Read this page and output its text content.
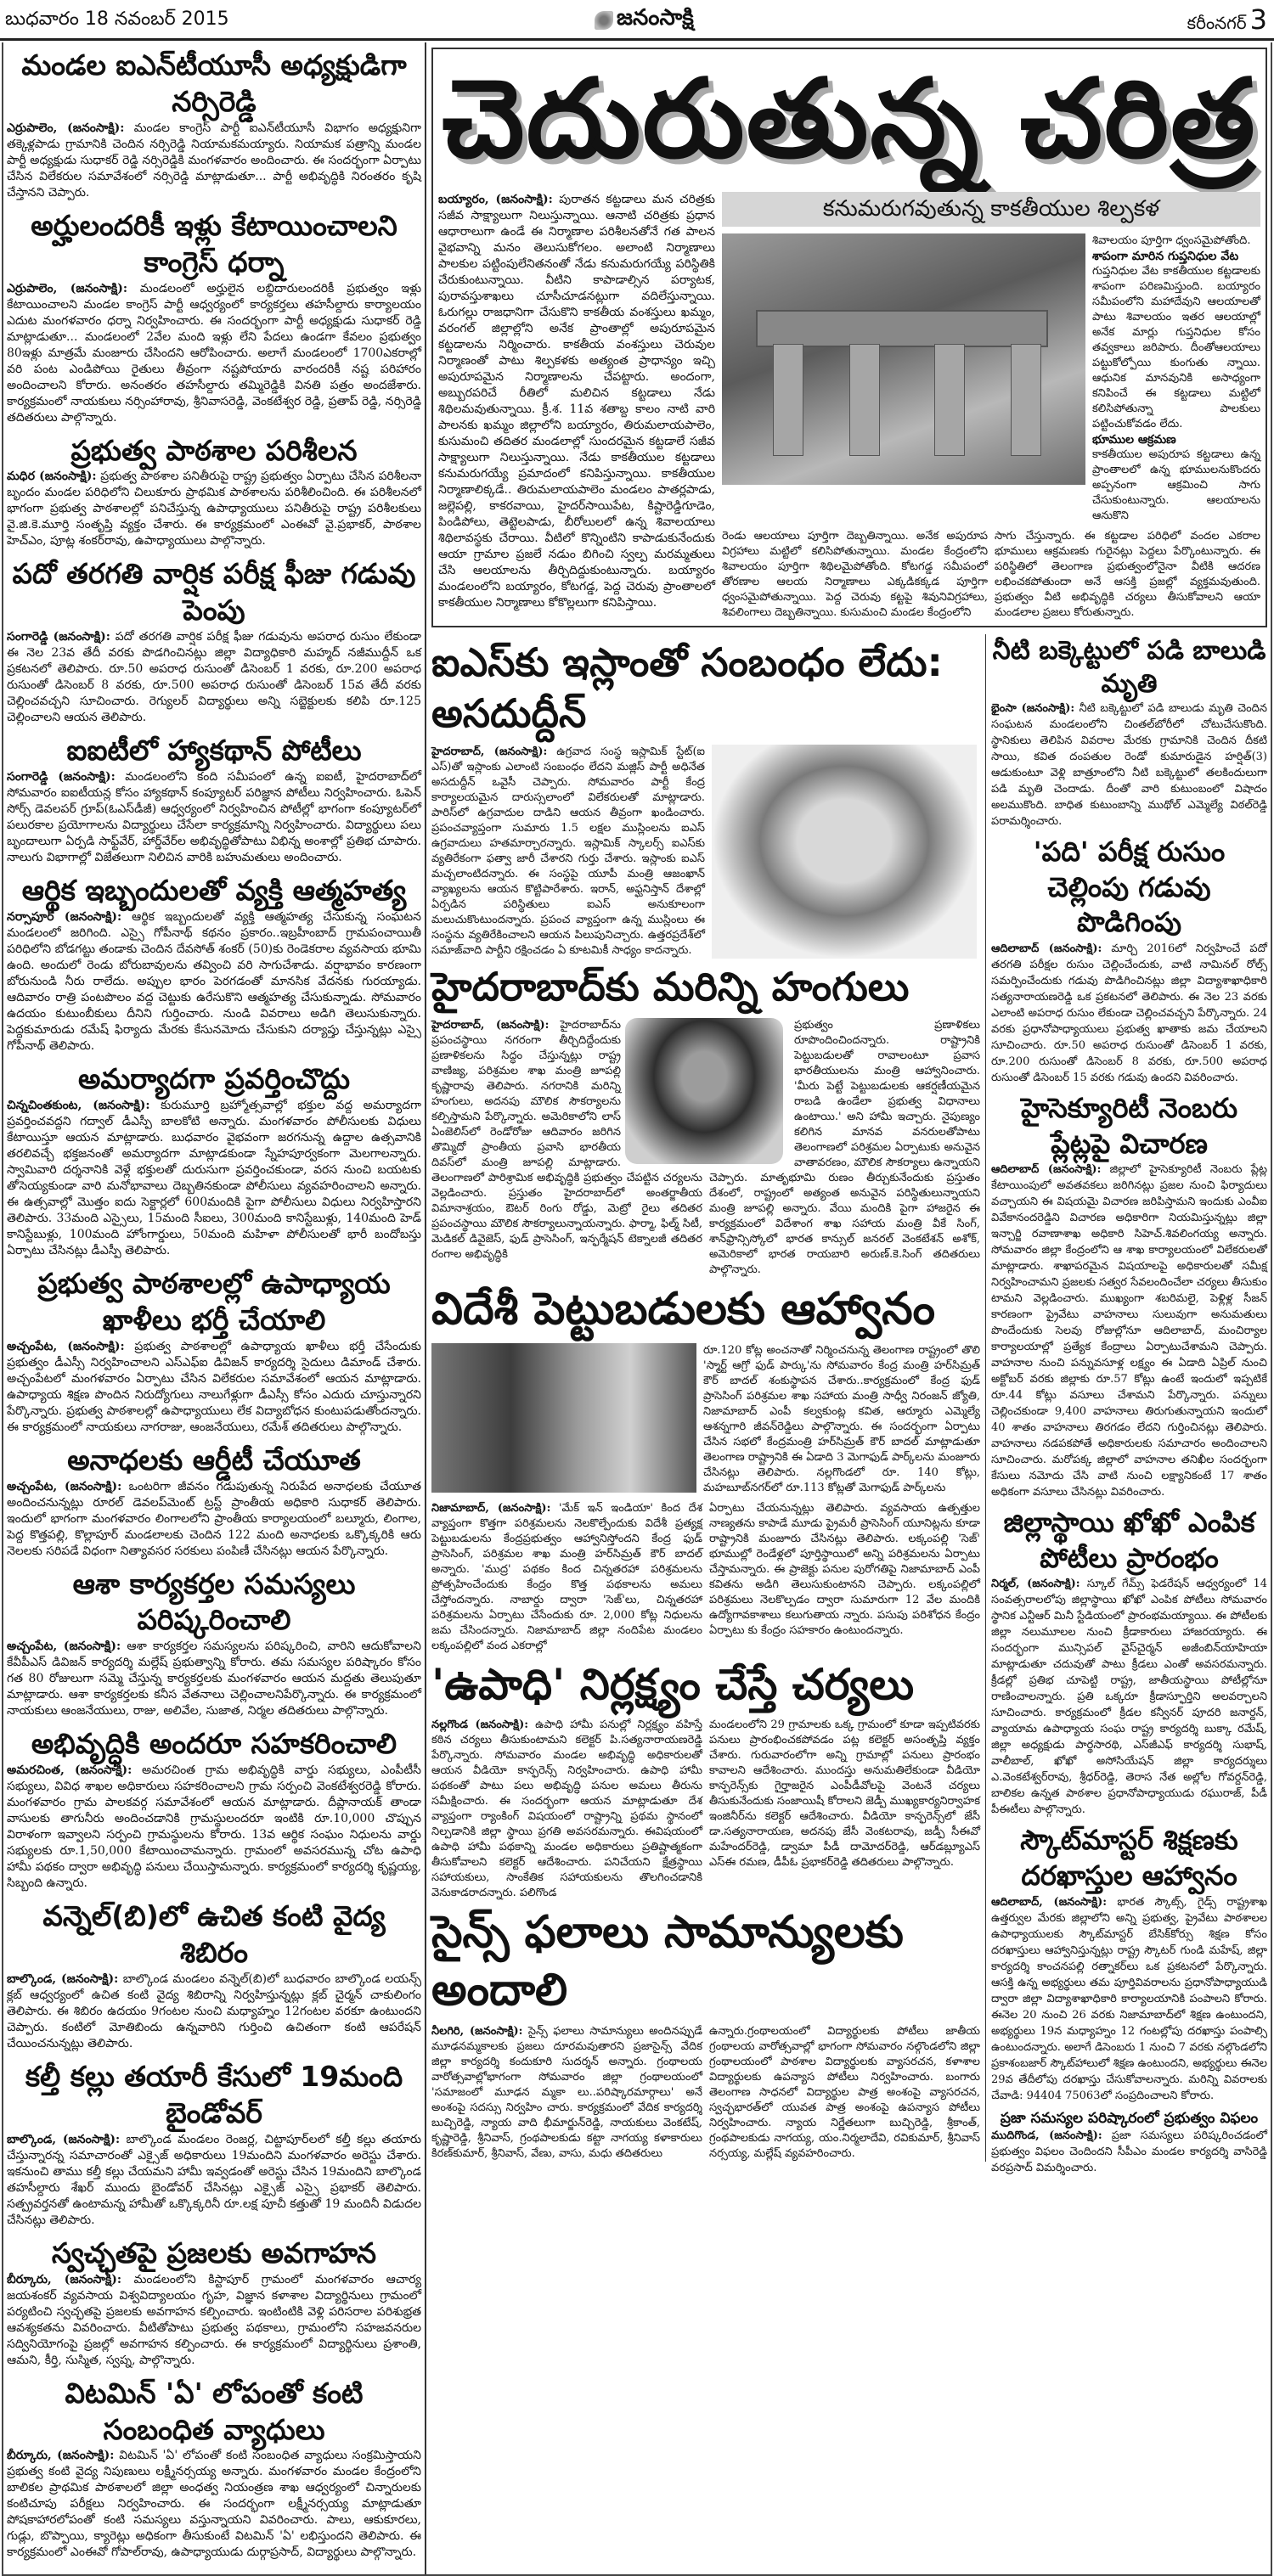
బుధవారం 18 నవంబర్ 2015	జనంసాక్షి	కరీంనగర్ 3
మండల ఐఎన్‌టీయూసీ అధ్యక్షుడిగా నర్సిరెడ్డి
ఎర్రుపాలెం, (జనంసాక్షి): మండల కాంగ్రెస్ పార్టీ ఐఎన్‌టీయూసీ విభాగం అధ్యక్షునిగా తక్కెళ్లపాడు గ్రామానికి చెందిన నర్సిరెడ్డి నియామకమయ్యారు. నియామక పత్రాన్ని మండల పార్టీ అధ్యక్షుడు సుధాకర్ రెడ్డి నర్సిరెడ్డికి మంగళవారం అందించారు. ఈ సందర్భంగా ఏర్పాటు చేసిన విలేకరుల సమావేశంలో నర్సిరెడ్డి మాట్లాడుతూ... పార్టీ అభివృద్ధికి నిరంతరం కృషి చేస్తానని చెప్పారు.
అర్హులందరికీ ఇళ్లు కేటాయించాలని కాంగ్రెస్ ధర్నా
ఎర్రుపాలెం, (జనంసాక్షి): మండలంలో అర్హులైన లబ్ధిదారులందరికీ ప్రభుత్వం ఇళ్లు కేటాయించాలని మండల కాంగ్రెస్ పార్టీ ఆధ్వర్యంలో కార్యకర్తలు తహసీల్దారు కార్యాలయం ఎదుట మంగళవారం ధర్నా నిర్వహించారు. ఈ సందర్భంగా పార్టీ అధ్యక్షుడు సుధాకర్ రెడ్డి మాట్లాడుతూ... మండలంలో 2వేల మంది ఇళ్లు లేని పేదలు ఉండగా కేవలం ప్రభుత్వం 80ఇళ్లు మాత్రమే మంజూరు చేసిందని ఆరోపించారు. అలాగే మండలంలో 1700ఎకరాల్లో వరి పంట ఎండిపోయి రైతులు తీవ్రంగా నష్టపోయారు వారందరికీ నష్ట పరిహారం అందించాలని కోరారు. అనంతరం తహసీల్దారు తమ్మిరెడ్డికి వినతి పత్రం అందజేశారు. కార్యక్రమంలో నాయకులు నర్సింహారావు, శ్రీనివాసరెడ్డి, వెంకటేశ్వర రెడ్డి, ప్రతాప్ రెడ్డి, నర్సిరెడ్డి తదితరులు పాల్గొన్నారు.
ప్రభుత్వ పాఠశాల పరిశీలన
మధిర (జనంసాక్షి): ప్రభుత్వ పాఠశాల పనితీరుపై రాష్ట్ర ప్రభుత్వం ఏర్పాటు చేసిన పరిశీలనా బృందం మండల పరిధిలోని చిలుకూరు ప్రాథమిక పాఠశాలను పరిశీలించింది. ఈ పరిశీలనలో భాగంగా ప్రభుత్వ పాఠశాలల్లో పనిచేస్తున్న ఉపాధ్యాయులు పనితీరుపై రాష్ట్ర పరిశీలకులు వై.జి.కె.మూర్తి సంతృప్తి వ్యక్తం చేశారు. ఈ కార్యక్రమంలో ఎంఈవో వై.ప్రభాకర్, పాఠశాల హెచ్ఎం, పూట్ల శంకర్‌రావు, ఉపాధ్యాయులు పాల్గొన్నారు.
పదో తరగతి వార్షిక పరీక్ష ఫీజు గడువు పెంపు
సంగారెడ్డి (జనంసాక్షి): పదో తరగతి వార్షిక పరీక్ష ఫీజు గడువును అపరాధ రుసుం లేకుండా ఈ నెల 23వ తేదీ వరకు పొడగించినట్లు జిల్లా విద్యాధికారి మహ్మద్ నజీముద్దీన్ ఒక ప్రకటనలో తెలిపారు. రూ.50 అపరాధ రుసుంతో డిసెంబర్ 1 వరకు, రూ.200 అపరాధ రుసుంతో డిసెంబర్ 8 వరకు, రూ.500 అపరాధ రుసుంతో డిసెంబర్ 15వ తేదీ వరకు చెల్లించవచ్చని సూచించారు. రెగ్యులర్ విద్యార్థులు అన్ని సబ్జెక్టులకు కలిపి రూ.125 చెల్లించాలని ఆయన తెలిపారు.
ఐఐటీలో హ్యాకథాన్ పోటీలు
సంగారెడ్డి (జనంసాక్షి): మండలంలోని కంది సమీపంలో ఉన్న ఐఐటీ, హైదరాబాద్‌లో సోమవారం ఐఐటీయన్ల కోసం హ్యాకథాన్ కంప్యూటర్ పరిజ్ఞాన పోటీలు నిర్వహించారు. ఓపెన్ సోర్స్ డెవలపర్ గ్రూప్(ఓఎస్‌డీజీ) ఆధ్వర్యంలో నిర్వహించిన పోటీల్లో భాగంగా కంప్యూటర్‌లో పలురకాల ప్రయోగాలను విద్యార్థులు చేసేలా కార్యక్రమాన్ని నిర్వహించారు. విద్యార్థులు పలు బృందాలుగా ఏర్పడి సాఫ్ట్‌వేర్, హార్డ్‌వేర్‌ల అభివృద్ధితోపాటు విభిన్న అంశాల్లో ప్రతిభ చూపారు. నాలుగు విభాగాల్లో విజేతలుగా నిలిచిన వారికి బహుమతులు అందించారు.
ఆర్థిక ఇబ్బందులతో వ్యక్తి ఆత్మహత్య
నర్సాపూర్ (జనంసాక్షి): ఆర్థిక ఇబ్బందులతో వ్యక్తి ఆత్మహత్య చేసుకున్న సంఘటన మండలంలో జరిగింది. ఎస్సై గోపీనాథ్ కథనం ప్రకారం..ఇబ్రహీంబాద్ గ్రామపంచాయితీ పరిధిలోని బోడగట్టు తండాకు చెందిన దేవసోత్ శంకర్ (50)కు రెండెకరాల వ్యవసాయ భూమి ఉంది. అందులో రెండు బోరుబావులను తవ్వించి వరి సాగుచేశాడు. వర్షాభావం కారణంగా బోరునుండి నీరు రాలేదు. అప్పుల భారం పెరగడంతో మానసిక వేదనకు గురయ్యాడు. ఆదివారం రాత్రి పంటపొలం వద్ద చెట్టుకు ఉరేసుకొని ఆత్మహత్య చేసుకున్నాడు. సోమవారం ఉదయం కుటుంబీకులు దీనిని గుర్తించారు. నుండి వివరాలు అడిగి తెలుసుకున్నారు. పెద్దకుమారుడు రమేష్ ఫిర్యాదు మేరకు కేసునమోదు చేసుకుని దర్యాప్తు చేస్తున్నట్లు ఎస్సై గోపీనాథ్ తెలిపారు.
అమర్యాదగా ప్రవర్తించొద్దు
చిన్నచింతకుంట, (జనంసాక్షి): కురుమూర్తి బ్రహ్మోత్సవాల్లో భక్తుల వద్ద అమర్యాదగా ప్రవర్తించవద్దని గద్వాల్ డీఎస్పీ బాలకోటి అన్నారు. మంగళవారం పోలీసులకు విధులు కేటాయిస్తూ ఆయన మాట్లాడారు. బుధవారం వైభవంగా జరగనున్న ఉద్దాల ఉత్సవానికి తరలివచ్చే భక్తజనంతో అమర్యాదగా మాట్లాడకుండా స్నేహపూర్వకంగా మెలగాలన్నారు. స్వామివారి దర్శనానికి వెళ్లే భక్తులతో దురుసుగా ప్రవర్తించకుండా, వరస నుంచి బయటకు తోసెయ్యకుండా వారి మనోభావాలు దెబ్బతినకుండా పోలీసులు వ్యవహరించాలని అన్నారు. ఈ ఉత్సవాల్లో మొత్తం ఐదు సెక్టార్లలో 600మందికి పైగా పోలీసులు విధులు నిర్వహిస్తారని తెలిపారు. 33మంది ఎస్సైలు, 15మంది సీఐలు, 300మంది కానిస్టేబుళ్లు, 140మంది హెడ్ కానిస్టేబుళ్లు, 100మంది హోంగార్డులు, 50మంది మహిళా పోలీసులతో భారీ బందోబస్తు ఏర్పాటు చేసినట్లు డీఎస్పీ తెలిపారు.
ప్రభుత్వ పాఠశాలల్లో ఉపాధ్యాయ ఖాళీలు భర్తీ చేయాలి
అచ్చంపేట, (జనంసాక్షి): ప్రభుత్వ పాఠశాలల్లో ఉపాధ్యాయ ఖాళీలు భర్తీ చేసేందుకు ప్రభుత్వం డీఎస్సీ నిర్వహించాలని ఎస్ఎఫ్ఐ డివిజన్ కార్యదర్శి సైదులు డిమాండ్ చేశారు. అచ్చంపేటలో మంగళవారం ఏర్పాటు చేసిన విలేకరుల సమావేశంలో ఆయన మాట్లాడారు. ఉపాధ్యాయ శిక్షణ పొందిన నిరుద్యోగులు నాలుగేళ్లుగా డీఎస్సీ కోసం ఎదురు చూస్తున్నారని పేర్కొన్నారు. ప్రభుత్వ పాఠశాలల్లో ఉపాధ్యాయులు లేక విద్యాబోధన కుంటుపడుతోందన్నారు. ఈ కార్యక్రమంలో నాయకులు నాగరాజు, ఆంజనేయులు, రమేశ్ తదితరులు పాల్గొన్నారు.
అనాధలకు ఆర్డీటీ చేయూత
అచ్చంపేట, (జనంసాక్షి): ఒంటరిగా జీవనం గడుపుతున్న నిరుపేద అనాధలకు చేయూత అందించనున్నట్లు రూరల్ డెవలప్‌మెంట్ ట్రస్ట్ ప్రాంతీయ అధికారి సుధాకర్ తెలిపారు. ఇందులో భాగంగా మంగళవారం లింగాలలోని ప్రాంతీయ కార్యాలయంలో బల్మూరు, లింగాల, పెద్ద కొత్తపల్లి, కొల్లాపూర్ మండలాలకు చెందిన 122 మంది అనాధలకు ఒక్కొక్కరికి ఆరు నెలలకు సరిపడే విధంగా నిత్యావసర సరకులు పంపిణీ చేసినట్లు ఆయన పేర్కొన్నారు.
ఆశా కార్యకర్తల సమస్యలు పరిష్కరించాలి
అచ్చంపేట, (జనంసాక్షి): ఆశా కార్యకర్తల సమస్యలను పరిష్కరించి, వారిని ఆదుకోవాలని కేవీపీఎస్ డివిజన్ కార్యదర్శి మల్లేష్ ప్రభుత్వాన్ని కోరారు. తమ సమస్యల పరిష్కారం కోసం గత 80 రోజులుగా సమ్మె చేస్తున్న కార్యకర్తలకు మంగళవారం ఆయన మద్దతు తెలుపుతూ మాట్లాడారు. ఆశా కార్యకర్తలకు కనీస వేతనాలు చెల్లించాలనిపేర్కొన్నారు. ఈ కార్యక్రమంలో నాయకులు ఆంజనేయులు, రాజు, అలివేల, సుజాత, నిర్మల తదితరులు పాల్గొన్నారు.
అభివృద్ధికి అందరూ సహకరించాలి
అమరచింత, (జనంసాక్షి): అమరచింత గ్రామ అభివృద్ధికి వార్డు సభ్యులు, ఎంపీటీసీ సభ్యులు, వివిధ శాఖల అధికారులు సహకరించాలని గ్రామ సర్పంచి వెంకటేశ్వరరెడ్డి కోరారు. మంగళవారం గ్రామ పాలకవర్గ సమావేశంలో ఆయన మాట్లాడారు. దీప్లానాయక్ తాండా వాసులకు తాగునీరు అందించడానికి గ్రామస్థులందరూ ఇంటికి రూ.10,000 చొప్పున విరాళంగా ఇవ్వాలని సర్పంచి గ్రామస్థులను కోరారు. 13వ ఆర్థిక సంఘం నిధులను వార్డు సభ్యులకు రూ.1,50,000 కేటాయించామన్నారు. గ్రామంలో అవసరమున్న చోట ఉపాధి హామీ పథకం ద్వారా అభివృద్ధి పనులు చేయిస్తామన్నారు. కార్యక్రమంలో కార్యదర్శి కృష్ణయ్య, సిబ్బంది ఉన్నారు.
వన్నెల్(బి)లో ఉచిత కంటి వైద్య శిబిరం
బాల్కొండ, (జనంసాక్షి): బాల్కొండ మండలం వన్నెల్(బి)లో బుధవారం బాల్కొండ లయన్స్ క్లబ్ ఆధ్వర్యంలో ఉచిత కంటి వైద్య శిబిరాన్ని నిర్వహిస్తున్నట్లు క్లబ్ చైర్మన్ చాకులింగం తెలిపారు. ఈ శిబిరం ఉదయం 9గంటల నుంచి మధ్యాహ్నం 12గంటల వరకూ ఉంటుందని చెప్పారు. కంటిలో మోతిబిందు ఉన్నవారిని గుర్తించి ఉచితంగా కంటి ఆపరేషన్ చేయించనున్నట్లు తెలిపారు.
కల్తీ కల్లు తయారీ కేసులో 19మంది బైండోవర్
బాల్కొండ, (జనంసాక్షి): బాల్కొండ మండలం రెంజర్ల, చిట్టాపూర్‌లలో కల్తీ కల్లు తయారు చేస్తున్నారన్న సమాచారంతో ఎక్సైజ్ అధికారులు 19మందిని మంగళవారం అరెస్టు చేశారు. ఇకనుంచి తాము కల్తీ కల్లు చేయమని హామీ ఇవ్వడంతో అరెస్టు చేసిన 19మందిని బాల్కొండ తహసీల్దారు శేఖర్ ముందు బైండోవర్ చేసినట్లు ఎక్సైజ్ ఎస్సై ప్రభాకర్ తెలిపారు. సత్ప్రవర్తనతో ఉంటామన్న హామీతో ఒక్కొక్కరినీ రూ.లక్ష పూచీ కత్తుతో 19 మందినీ విడుదల చేసినట్లు తెలిపారు.
స్వచ్ఛతపై ప్రజలకు అవగాహన
బీర్కూరు, (జనంసాక్షి): మండలంలోని కిస్టాపూర్ గ్రామంలో మంగళవారం ఆచార్య జయశంకర్ వ్యవసాయ విశ్వవిద్యాలయం గృహ, విజ్ఞాన కళాశాల విద్యార్థినులు గ్రామంలో పర్యటించి స్వచ్ఛతపై ప్రజలకు అవగాహన కల్పించారు. ఇంటింటికి వెళ్లి పరిసరాల పరిశుభ్రత ఆవశ్యకతను వివరించారు. వీటితోపాటు ప్రభుత్వ పథకాలు, గ్రామంలోని సహజవనరుల సద్వినియోగంపై ప్రజల్లో అవగాహన కల్పించారు. ఈ కార్యక్రమంలో విద్యార్థినులు ప్రశాంతి, ఆమని, కీర్తి, సుస్మిత, స్వప్న, పాల్గొన్నారు.
విటమిన్ 'ఏ' లోపంతో కంటి సంబంధిత వ్యాధులు
బీర్కూరు, (జనంసాక్షి): విటమిన్ 'ఏ' లోపంతో కంటి సంబంధిత వ్యాధులు సంక్రమిస్తాయని ప్రభుత్వ కంటి వైద్య నిపుణులు లక్ష్మీనర్సయ్య అన్నారు. మంగళవారం మండల కేంద్రంలోని బాలికల ప్రాథమిక పాఠశాలలో జిల్లా అంధత్వ నియంత్రణ శాఖ ఆధ్వర్యంలో చిన్నారులకు కంటిచూపు పరీక్షలు నిర్వహించారు. ఈ సందర్భంగా లక్ష్మీనర్సయ్య మాట్లాడుతూ పోషకాహారలోపంతో కంటి సమస్యలు వస్తున్నాయని వివరించారు. పాలు, ఆకుకూరలు, గుడ్లు, బొప్పాయి, క్యారెట్లు అధికంగా తీసుకుంటే విటమిన్ 'ఏ' లభిస్తుందని తెలిపారు. ఈ కార్యక్రమంలో ఎంఈవో గోపాల్‌రావు, ఉపాధ్యాయుడు దుర్గాప్రసాద్, విద్యార్థులు పాల్గొన్నారు.
చెదురుతున్న చరిత్ర
బయ్యారం, (జనంసాక్షి): పురాతన కట్టడాలు మన చరిత్రకు సజీవ సాక్ష్యాలుగా నిలుస్తున్నాయి. ఆనాటి చరిత్రకు ప్రధాన ఆధారాలుగా ఉండే ఈ నిర్మాణాల పరిశీలనతోనే గత పాలన వైభవాన్ని మనం తెలుసుకోగలం. అలాంటి నిర్మాణాలు పాలకుల పట్టింపులేనితనంతో నేడు కనుమరుగయ్యే పరిస్థితికి చేరుకుంటున్నాయి. వీటిని కాపాడాల్సిన పర్యాటక, పురావస్తుశాఖలు చూసీచూడనట్లుగా వదిలేస్తున్నాయి. ఓరుగల్లు రాజధానిగా చేసుకొని కాకతీయ వంశస్తులు ఖమ్మం, వరంగల్ జిల్లాల్లోని అనేక ప్రాంతాల్లో అపురూపమైన కట్టడాలను నిర్మించారు. కాకతీయ వంశస్తులు చెరువుల నిర్మాణంతో పాటు శిల్పకళకు అత్యంత ప్రాధాన్యం ఇచ్చి అపురూపమైన నిర్మాణాలను చేపట్టారు. అందంగా, అబ్బురపరిచే రీతిలో మలిచిన కట్టడాలు నేడు శిథిలమవుతున్నాయి. క్రీ.శ. 11వ శతాబ్ద కాలం నాటి వారి పాలనకు ఖమ్మం జిల్లాలోని బయ్యారం, తిరుమలాయపాలెం, కుసుమంచి తదితర మండలాల్లో సుందరమైన కట్టడాలే సజీవ సాక్ష్యాలుగా నిలుస్తున్నాయి. నేడు కాకతీయుల కట్టడాలు కనుమరుగయ్యే ప్రమాదంలో కనిపిస్తున్నాయి. కాకతీయుల నిర్మాణాలిక్కడే.. తిరుమలాయపాలెం మండలం పాతర్లపాడు, జల్లెపల్లి, కాకరవాయి, హైదర్‌సాయిపేట, కిష్టారెడ్డిగూడెం, పిండిపోలు, తెట్టెలపాడు, బీరోలులలో ఉన్న శివాలయాలు శిథిలావస్థకు చేరాయి. వీటిలో కొన్నింటిని కాపాడుకునేందుకు ఆయా గ్రామాల ప్రజలే నడుం బిగించి స్వల్ప మరమ్మతులు చేసి ఆలయాలను తీర్చిదిద్దుకుంటున్నారు. బయ్యారం మండలంలోని బయ్యారం, కోటగడ్డ, పెద్ద చెరువు ప్రాంతాలలో కాకతీయుల నిర్మాణాలు కోకొల్లలుగా కనిపిస్తాయి.
కనుమరుగవుతున్న కాకతీయుల శిల్పకళ
శివాలయం పూర్తిగా ధ్వంసమైపోతోంది.
శాపంగా మారిన గుప్తనిధుల వేట
గుప్తనిధుల వేట కాకతీయుల కట్టడాలకు శాపంగా పరిణమిస్తుంది. బయ్యారం సమీపంలోని మహాదేవుని ఆలయాలతో పాటు శివాలయం ఇతర ఆలయాల్లో అనేక మార్లు గుప్తనిధుల కోసం తవ్వకాలు జరిపారు. దీంతోఆలయాలు పట్టుకోల్పోయి కుంగుతు న్నాయి. ఆధునిక మానవునికి అసాధ్యంగా కనిపించే ఈ కట్టడాలు మట్టిలో కలిసిపోతున్నా పాలకులు పట్టించుకోవడం లేదు.
భూముల ఆక్రమణ
కాకతీయుల అపురూప కట్టడాలు ఉన్న ప్రాంతాలలో ఉన్న భూములనుకొందరు అప్పనంగా ఆక్రమించి సాగు చేసుకుంటున్నారు. ఆలయాలను ఆనుకొని
రెండు ఆలయాలు పూర్తిగా దెబ్బతిన్నాయి. అనేక అపురూప విగ్రహాలు మట్టిలో కలిసిపోతున్నాయి. మండల కేంద్రంలోని శివాలయం పూర్తిగా శిథిలమైపోతోంది. కోటగడ్డ సమీపంలో తోరణాల ఆలయ నిర్మాణాలు ఎక్కడికక్కడ పూర్తిగా ధ్వంసమైపోతున్నాయి. పెద్ద చెరువు కట్టపై శివునివిగ్రహాలు, శివలింగాలు దెబ్బతిన్నాయి. కుసుమంచి మండల కేంద్రంలోని
సాగు చేస్తున్నారు. ఈ కట్టడాల పరిధిలో వందల ఎకరాల భూములు ఆక్రమణకు గురైనట్లు పెద్దలు పేర్కొంటున్నారు. ఈ పరిస్థితిలో తెలంగాణ ప్రభుత్వంలోనైనా వీటికి ఆదరణ లభించకపోతుందా అనే ఆసక్తి ప్రజల్లో వ్యక్తమవుతుంది. ప్రభుత్వం వీటి అభివృద్ధికి చర్యలు తీసుకోవాలని ఆయా మండలాల ప్రజలు కోరుతున్నారు.
ఐఎస్‌కు ఇస్లాంతో సంబంధం లేదు: అసదుద్దీన్
హైదరాబాద్, (జనంసాక్షి): ఉగ్రవాద సంస్థ ఇస్లామిక్ స్టేట్(ఐ ఎస్)తో ఇస్లాంకు ఎలాంటి సంబంధం లేదని మజ్లిస్ పార్టీ అధినేత అసదుద్దీన్ ఒవైసీ చెప్పారు. సోమవారం పార్టీ కేంద్ర కార్యాలయమైన దారుస్సలాంలో విలేకరులతో మాట్లాడారు. పారిస్‌లో ఉగ్రవాదుల దాడిని ఆయన తీవ్రంగా ఖండించారు. ప్రపంచవ్యాప్తంగా సుమారు 1.5 లక్షల ముస్లింలను ఐఎస్ ఉగ్రవాదులు హతమార్చారన్నారు. ఇస్లామిక్ స్కాలర్స్ ఐఎస్‌కు వ్యతిరేకంగా ఫత్వా జారీ చేశారని గుర్తు చేశారు. ఇస్లాంకు ఐఎస్ మచ్చలాంటిదన్నారు. ఈ సంస్థపై యూపీ మంత్రి ఆజంఖాన్ వ్యాఖ్యలను ఆయన కొట్టిపారేశారు. ఇరాన్, అఫ్ఘనిస్తాన్ దేశాల్లో ఏర్పడిన పరిస్థితులు ఐఎస్ అనుకూలంగా మలుచుకొంటుందన్నారు. ప్రపంచ వ్యాప్తంగా ఉన్న ముస్లింలు ఈ సంస్థను వ్యతిరేకించాలని ఆయన పిలుపునిచ్చారు. ఉత్తరప్రదేశ్‌లో సమాజ్‌వాది పార్టీని రక్షించడం ఏ కూటమికీ సాధ్యం కాదన్నారు.
హైదరాబాద్‌కు మరిన్ని హంగులు
హైదరాబాద్, (జనంసాక్షి): హైదరాబాద్‌ను ప్రపంచస్థాయి నగరంగా తీర్చిదిద్దేందుకు ప్రణాళికలను సిద్ధం చేస్తున్నట్లు రాష్ట్ర వాణిజ్య, పరిశ్రమల శాఖ మంత్రి జూపల్లి కృష్ణారావు తెలిపారు. నగరానికి మరిన్ని హంగులు, అదనపు మౌలిక సౌకర్యాలను కల్పిస్తామని పేర్కొన్నారు. అమెరికాలోని లాస్ ఏంజెలిస్‌లో రెండోరోజు ఆదివారం జరిగిన తొమ్మిదో ప్రాంతీయ ప్రవాసి భారతీయ దివస్‌లో మంత్రి జూపల్లి మాట్లాడారు. తెలంగాణలో పారిశ్రామిక అభివృద్ధికి ప్రభుత్వం చేపట్టిన చర్యలను వెల్లడించారు. ప్రస్తుతం హైదరాబాద్‌లో అంతర్జాతీయ విమానాశ్రయం, ఔటర్ రింగు రోడ్డు, మెట్రో రైలు తదితర ప్రపంచస్థాయి మౌలిక సౌకర్యాలున్నాయన్నారు. ఫార్మా, ఫిల్మ్ సిటీ, మెడికల్ డివైజెస్, ఫుడ్ ప్రాసెసింగ్, ఇన్ఫర్మేషన్ టెక్నాలజీ తదితర రంగాల అభివృద్ధికి
ప్రభుత్వం ప్రణాళికలు రూపొందించిందన్నారు. రాష్ట్రానికి పెట్టుబడులతో రావాలంటూ ప్రవాస భారతీయులను మంత్రి ఆహ్వానించారు. 'మీరు పెట్టే పెట్టుబడులకు ఆకర్షణీయమైన రాబడి ఉండేలా ప్రభుత్వ విధానాలు ఉంటాయి.' అని హామీ ఇచ్చారు. నైపుణ్యం కలిగిన మానవ వనరులతోపాటు తెలంగాణలో పరిశ్రమల ఏర్పాటుకు అనువైన వాతావరణం, మౌలిక సౌకర్యాలు ఉన్నాయని చెప్పారు. మాతృభూమి రుణం తీర్చుకునేందుకు ప్రస్తుతం దేశంలో, రాష్ట్రంలో అత్యంత అనువైన పరిస్థితులున్నాయని మంత్రి జూపల్లి అన్నారు. వేయి మందికి పైగా హాజరైన ఈ కార్యక్రమంలో విదేశాంగ శాఖ సహాయ మంత్రి వీకే సింగ్, శాన్‌ఫ్రాన్సిస్కోలో భారత కాన్సుల్ జనరల్ వెంకటేశన్ అశోక్, అమెరికాలో భారత రాయబారి అరుణ్.కె.సింగ్ తదితరులు పాల్గొన్నారు.
విదేశీ పెట్టుబడులకు ఆహ్వానం
రూ.120 కోట్ల అంచనాతో నిర్మించనున్న తెలంగాణ రాష్ట్రంలో తొలి 'స్మార్ట్ ఆగ్రో ఫుడ్ పార్కు'ను సోమవారం కేంద్ర మంత్రి హర్‌సిమ్రత్ కౌర్ బాదల్ శంకుస్థాపన చేశారు..కార్యక్రమంలో కేంద్ర ఫుడ్ ప్రాసెసింగ్ పరిశ్రమల శాఖ సహాయ మంత్రి సాధ్వీ నిరంజన్ జ్యోతి, నిజామాబాద్ ఎంపీ కల్వకుంట్ల కవిత, ఆర్మూరు ఎమ్మెల్యే ఆశన్నగారి జీవన్‌రెడ్డిలు పాల్గొన్నారు. ఈ సందర్భంగా ఏర్పాటు చేసిన సభలో కేంద్రమంత్రి హర్‌సిమ్రత్ కౌర్ బాదల్ మాట్లాడుతూ తెలంగాణ రాష్ట్రానికి ఈ ఏడాది 3 మెగాఫుడ్ పార్క్‌లను మంజూరు చేసినట్లు తెలిపారు. నల్లగొండలో రూ. 140 కోట్లు, మహబూబ్‌నగర్‌లో రూ.113 కోట్లతో మెగాఫుడ్ పార్క్‌లను
నిజామాబాద్, (జనంసాక్షి): 'మేక్ ఇన్ ఇండియా' కింద దేశ వ్యాప్తంగా కొత్తగా పరిశ్రమలను నెలకొల్పేందుకు విదేశీ ప్రత్యక్ష పెట్టుబడులను కేంద్రప్రభుత్వం ఆహ్వానిస్తోందని కేంద్ర ఫుడ్ ప్రాసెసింగ్, పరిశ్రమల శాఖ మంత్రి హర్‌సిమ్రత్ కౌర్ బాదల్ అన్నారు. 'ముద్ర' పథకం కింద చిన్నతరహా పరిశ్రమలను ప్రోత్సహించేందుకు కేంద్రం కొత్త పథకాలను అమలు చేస్తోందన్నారు. నాబార్డు ద్వారా 'సెజ్'లు, చిన్నతరహా పరిశ్రమలను ఏర్పాటు చేసేందుకు రూ. 2,000 కోట్ల నిధులను జమ చేసిందన్నారు. నిజామాబాద్ జిల్లా నందిపేట మండలం లక్కంపల్లిలో వంద ఎకరాల్లో
ఏర్పాటు చేయనున్నట్లు తెలిపారు. వ్యవసాయ ఉత్పత్తుల నాణ్యతను కాపాడే మూడు ప్రైమరీ ప్రాసెసింగ్ యూనిట్లను కూడా రాష్ట్రానికి మంజూరు చేసినట్లు తెలిపారు. లక్కంపల్లి 'సెజ్' భూముల్లో రెండేళ్లలో పూర్తిస్థాయిలో అన్ని పరిశ్రమలను ఏర్పాటు చేస్తామన్నారు. ఈ ప్రాజెక్టు పనుల పురోగతిపై నిజామాబాద్ ఎంపీ కవితను అడిగి తెలుసుకుంటానని చెప్పారు. లక్కంపల్లిలో పరిశ్రమలు నెలకొల్పడం ద్వారా సుమారుగా 12 వేల మందికి ఉద్యోగావకాశాలు కలుగుతాయ న్నారు. పసుపు పరిశోధన కేంద్రం ఏర్పాటు కు కేంద్రం సహకారం ఉంటుందన్నారు.
'ఉపాధి' నిర్లక్ష్యం చేస్తే చర్యలు
నల్లగొండ (జనంసాక్షి): ఉపాధి హామీ పనుల్లో నిర్లక్ష్యం వహిస్తే కఠిన చర్యలు తీసుకుంటామని కలెక్టర్ పి.సత్యనారాయణరెడ్డి పేర్కొన్నారు. సోమవారం మండల అభివృద్ధి అధికారులతో ఆయన వీడియో కాన్ఫరెన్స్ నిర్వహించారు. ఉపాధి హామీ పథకంతో పాటు పలు అభివృద్ధి పనుల అమలు తీరును సమీక్షించారు. ఈ సందర్భంగా ఆయన మాట్లాడుతూ దేశ వ్యాప్తంగా ర్యాంకింగ్ విషయంలో రాష్ట్రాన్ని ప్రథమ స్థానంలో నిల్పడానికి జిల్లా స్థాయి ప్రగతి అవసరమన్నారు. ఈవిషయంలో ఉపాధి హామీ పథకాన్ని మండల అధికారులు ప్రతిష్టాత్మకంగా తీసుకోవాలని కలెక్టర్ ఆదేశించారు. పనిచేయని క్షేత్రస్థాయి సహాయకులు, సాంకేతిక సహాయకులను తొలగించడానికి వెనుకాడరాదన్నారు. పలిగొండ
మండలంలోని 29 గ్రామాలకు ఒక్క గ్రామంలో కూడా ఇప్పటివరకు పనులు ప్రారంభించకపోవడం పట్ల కలెక్టర్ అసంతృప్తి వ్యక్తం చేశారు. గురువారంలోగా అన్ని గ్రామాల్లో పనులు ప్రారంభం కావాలని ఆదేశించారు. ముందస్తు అనుమతిలేకుండా వీడియో కాన్ఫరెన్స్‌కు గైర్హాజరైన ఎంపీడీవోలపై వెంటనే చర్యలు తీసుకునేందుకు సంజాయిషీ కోరాలని జెడ్పీ ముఖ్యకార్యనిర్వాహక ఇంజినీర్‌ను కలెక్టర్ ఆదేశించారు. వీడియో కాన్ఫరెన్స్‌లో జేసీ డా.సత్యనారాయణ, అదనపు జేసీ వెంకటరావు, జడ్పీ సీఈవో మహేందర్‌రెడ్డి, డ్వామా పీడీ దామోదర్‌రెడ్డి, ఆర్‌డబ్ల్యూఎస్ ఎస్‌ఈ రమణ, డీపీఓ ప్రభాకర్‌రెడ్డి తదితరులు పాల్గొన్నారు.
సైన్స్ ఫలాలు సామాన్యులకు అందాలి
నీలగిరి, (జనంసాక్షి): సైన్స్ ఫలాలు సామాన్యులు అందినప్పుడే మూఢనమ్మకాలకు ప్రజలు దూరమవుతారని ప్రజాసైన్స్ వేదిక జిల్లా కార్యదర్శి కందుకూరి సుదర్శన్ అన్నారు. గ్రంథాలయ వారోత్సవాల్లోభాగంగా సోమవారం జిల్లా గ్రంథాలయంలో 'సమాజంలో మూఢన మ్మకా లు..పరిష్కారమార్గాలు' అనే అంశంపై సదస్సు నిర్వహిం చారు. కార్యక్రమంలో వేదిక కార్యదర్శి బుచ్చిరెడ్డి, న్యాయ వాది భీమార్జున్‌రెడ్డి, నాయకులు వెంకటేష్, కృష్ణారెడ్డి, శ్రీనివాస్, గ్రంథపాలకుడు కట్టా నాగయ్య కళాకారులు కిరణ్‌కుమార్, శ్రీనివాస్, వేణు, వాసు, మధు తదితరులు
ఉన్నారు.గ్రంథాలయంలో విద్యార్థులకు పోటీలు జాతీయ గ్రంథాలయ వారోత్సవాల్లో భాగంగా సోమవారం నల్గొండలోని జిల్లా గ్రంథాలయంలో పాఠశాల విద్యార్థులకు వ్యాసరచన, కళాశాల విద్యార్థులకు ఉపన్యాస పోటీలు నిర్వహించారు. బంగారు తెలంగాణ సాధనలో విద్యార్థుల పాత్ర అంశంపై వ్యాసరచన, స్వచ్ఛభారత్‌లో యువత పాత్ర అంశంపై ఉపన్యాస పోటీలు నిర్వహించారు. న్యాయ నిర్ణేతలుగా బుచ్చిరెడ్డి, శ్రీకాంత్, గ్రంథపాలకుడు నాగయ్య, యం.నిర్మలాదేవి, రవికుమార్, శ్రీనివాస్ నర్సయ్య, మల్లేష్ వ్యవహరించారు.
నీటి బక్కెట్టులో పడి బాలుడి మృతి
భైంసా (జనంసాక్షి): నీటి బక్కెట్టులో పడి బాలుడు మృతి చెందిన సంఘటన మండలంలోని చింతల్‌బోరీలో చోటుచేసుకొంది. స్థానికులు తెలిపిన వివరాల మేరకు గ్రామానికి చెందిన దీకటి సాయి, కవిత దంపతుల రెండో కుమారుడైన హర్షిత్(3) ఆడుకుంటూ వెళ్లి బాత్రూంలోని నీటి బక్కెట్టులో తలకిందులుగా పడి మృతి చెందాడు. దీంతో వారి కుటుంబంలో విషాదం అలముకొంది. బాధిత కుటుంబాన్ని ముథోల్ ఎమ్మెల్యే విఠల్‌రెడ్డి పరామర్శించారు.
'పది' పరీక్ష రుసుం చెల్లింపు గడువు పొడిగింపు
ఆదిలాబాద్ (జనంసాక్షి): మార్చి 2016లో నిర్వహించే పదో తరగతి పరీక్షల రుసుం చెల్లించేందుకు, వాటి నామినల్ రోల్స్ సమర్పించేందుకు గడువు పొడిగించినట్లు జిల్లా విద్యాశాఖాధికారి సత్యనారాయణరెడ్డి ఒక ప్రకటనలో తెలిపారు. ఈ నెల 23 వరకు ఎలాంటి అపరాధ రుసుం లేకుండా చెల్లించవచ్చని పేర్కొన్నారు. 24 వరకు ప్రధానోపాధ్యాయులు ప్రభుత్వ ఖాతాకు జమ చేయాలని సూచించారు. రూ.50 అపరాధ రుసుంతో డిసెంబర్ 1 వరకు, రూ.200 రుసుంతో డిసెంబర్ 8 వరకు, రూ.500 అపరాధ రుసుంతో డిసెంబర్ 15 వరకు గడువు ఉందని వివరించారు.
హైసెక్యూరిటీ నెంబరు ప్లేట్లపై విచారణ
ఆదిలాబాద్ (జనంసాక్షి): జిల్లాలో హైసెక్యూరిటీ నెంబరు ప్లేట్ల కేటాయింపులో అవతవకలు జరిగినట్లు ప్రజల నుంచి ఫిర్యాదులు వచ్చాయని ఈ విషయమై విచారణ జరిపిస్తామని ఇందుకు ఎంవీఐ వివేకానందరెడ్డిని విచారణ అధికారిగా నియమిస్తున్నట్లు జిల్లా ఇన్చార్జి రవాణాశాఖ అధికారి సిహెచ్.శివలింగయ్య అన్నారు. సోమవారం జిల్లా కేంద్రంలోని ఆ శాఖ కార్యాలయంలో విలేకరులతో మాట్లాడారు. శాఖాపరమైన విషయాలపై అధికారులతో సమీక్ష నిర్వహించామని ప్రజలకు సత్వర సేవలందించేలా చర్యలు తీసుకుం టామని వెల్లడించారు. ముఖ్యంగా శబరిమలై, పెళ్లిళ్ల సీజన్ కారణంగా ప్రైవేటు వాహనాలు సులువుగా అనుమతులు పొందేందుకు సెలవు రోజుల్లోనూ ఆదిలాబాద్, మంచిర్యాల కార్యాలయాల్లో ప్రత్యేక కేంద్రాలు ఏర్పాటుచేశామని చెప్పారు. వాహనాల నుంచి పన్నువసూళ్ల లక్ష్యం ఈ ఏడాది ఏప్రిల్ నుంచి అక్టోబర్ వరకు జిల్లాకు రూ.57 కోట్లు ఉంటే ఇందులో ఇప్పటికే రూ.44 కోట్లు వసూలు చేశామని పేర్కొన్నారు. పన్నులు చెల్లించకుండా 9,400 వాహనాలు తిరుగుతున్నాయని ఇందులో 40 శాతం వాహనాలు తిరగడం లేదని గుర్తించినట్లు తెలిపారు. వాహనాలు నడపకపోతే అధికారులకు సమాచారం అందించాలని సూచించారు. మరోపక్క జిల్లాలో వాహనాల తనిఖీల సందర్భంగా కేసులు నమోదు చేసి వాటి నుంచి లక్ష్యానికంటే 17 శాతం అధికంగా వసూలు చేసినట్లు వివరించారు.
జిల్లాస్థాయి ఖోఖో ఎంపిక పోటీలు ప్రారంభం
నిర్మల్, (జనంసాక్షి): స్కూల్ గేమ్స్ ఫెడరేషన్ ఆధ్వర్యంలో 14 సంవత్సరాలలోపు జిల్లాస్థాయి ఖోఖో ఎంపిక పోటీలు సోమవారం స్థానిక ఎన్టీఆర్ మినీ స్టేడియంలో ప్రారంభమయ్యాయి. ఈ పోటీలకు జిల్లా నలుమూలల నుంచి క్రీడాకారులు హాజరయ్యారు. ఈ సందర్భంగా మున్సిపల్ వైస్‌చైర్మన్ అజీంబిన్‌యాహియా మాట్లాడుతూ చదువుతో పాటు క్రీడలు ఎంతో అవసరమన్నారు. క్రీడల్లో ప్రతిభ చూపెట్టి రాష్ట్ర, జాతీయస్థాయి పోటీల్లోనూ రాణించాలన్నారు. ప్రతి ఒక్కరూ క్రీడాస్ఫూర్తిని అలవర్చాలని సూచించారు. కార్యక్రమంలో క్రీడల కన్వీనర్ పూదరి జనార్దన్, వ్యాయామ ఉపాధ్యాయ సంఘ రాష్ట్ర కార్యదర్శి బుక్కా రమేష్, జిల్లా అధ్యక్షుడు పార్థసారథి, ఎస్‌జీఎఫ్ కార్యదర్శి సుభాష్, వాలీబాల్, ఖోఖో అసోసియేషన్ జిల్లా కార్యదర్శులు ఎ.వెంకటేశ్వర్‌రావు, శ్రీధర్‌రెడ్డి, తెరాస నేత అల్లోల గోవర్దన్‌రెడ్డి, బాలికల ఉన్నత పాఠశాల ప్రధానోపాధ్యాయుడు రఘురాజ్, పీడీ పీఈటీలు పాల్గొన్నారు.
స్కౌట్‌మాస్టర్ శిక్షణకు దరఖాస్తుల ఆహ్వానం
ఆదిలాబాద్, (జనంసాక్షి): భారత స్కౌట్స్, గైడ్స్ రాష్ట్రశాఖ ఉత్తర్వుల మేరకు జిల్లాలోని అన్ని ప్రభుత్వ, ప్రైవేటు పాఠశాలల ఉపాధ్యాయులకు స్కౌట్‌మాస్టర్ బేసిక్‌కోర్సు శిక్షణ కోసం దరఖాస్తులు ఆహ్వానిస్తున్నట్లు రాష్ట్ర స్కౌటర్ గుండి మహేష్, జిల్లా కార్యదర్శి కాంచనపల్లి రత్నాకర్‌లు ఒక ప్రకటనలో పేర్కొన్నారు. ఆసక్తి ఉన్న అభ్యర్థులు తమ పూర్తివివరాలను ప్రధానోపాధ్యాయుడి ద్వారా జిల్లా విద్యాశాఖాధికారి కార్యాలయానికి పంపాలని కోరారు. ఈనెల 20 నుంచి 26 వరకు నిజామాబాద్‌లో శిక్షణ ఉంటుందని, అభ్యర్థులు 19న మధ్యాహ్నం 12 గంటల్లోపు దరఖాస్తు పంపాల్సి ఉంటుందన్నారు. అలాగే డిసెంబరు 1 నుంచి 7 వరకు నల్గొండలోని ప్రకాశంబజార్ స్కౌట్‌హాలులో శిక్షణ ఉంటుందని, అభ్యర్థులు ఈనెల 29వ తేదీలోపు దరఖాస్తు చేసుకోవాలన్నారు. మరిన్ని వివరాలకు చేవాడి: 94404 75063లో సంప్రదించాలని కోరారు.
ప్రజా సమస్యల పరిష్కారంలో ప్రభుత్వం విఫలం
ముదిగొండ, (జనంసాక్షి): ప్రజా సమస్యలు పరిష్కరించడంలో ప్రభుత్వం విఫలం చెందిందని సీపీఎం మండల కార్యదర్శి వాసిరెడ్డి వరప్రసాద్ విమర్శించారు.
